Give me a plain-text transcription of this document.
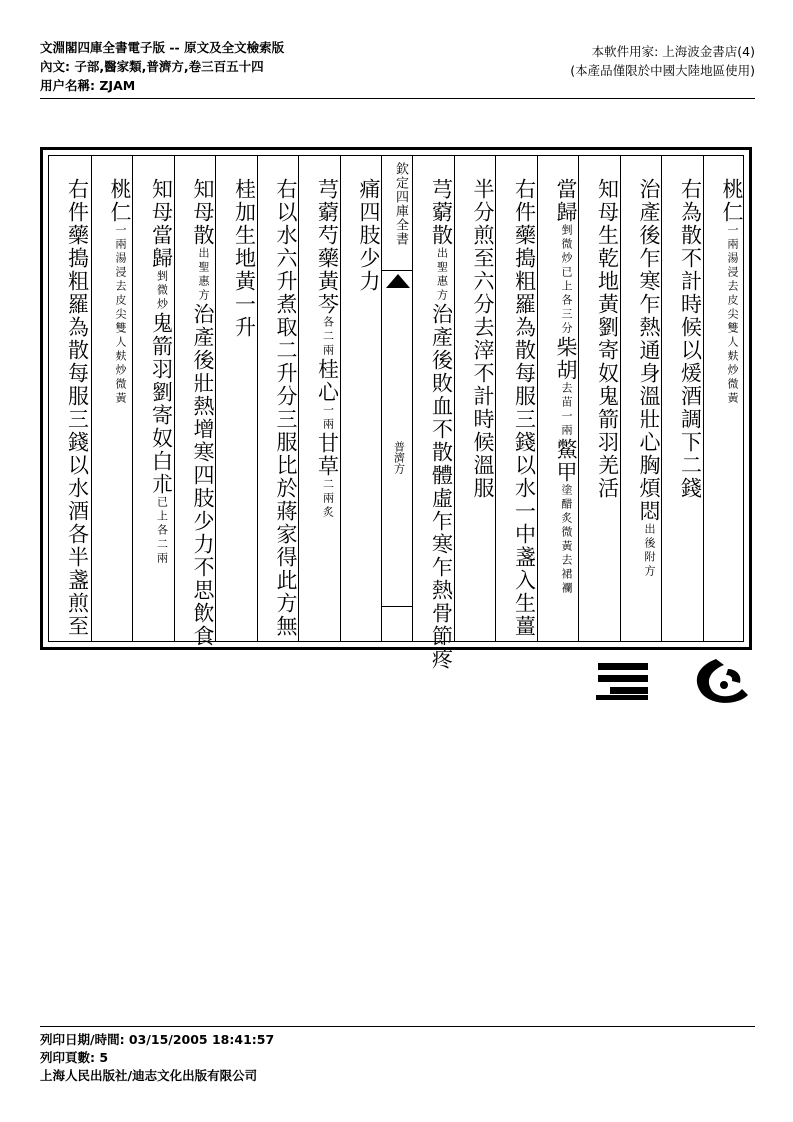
文淵閣四庫全書電子版 -- 原文及全文檢索版
內文: 子部,醫家類,普濟方,卷三百五十四
用户名稱: ZJAM
本軟件用家: 上海波金書店(4)
(本產品僅限於中國大陸地區使用)
右件藥搗粗羅為散每服三錢以水酒各半盞煎至 桃仁一兩湯浸去皮尖雙人麸炒微黃	知母當歸剉微炒鬼箭羽劉寄奴白朮已上各二兩
知母散出聖惠方治產後壯熱增寒四肢少力不思飲食
桂加生地黃一升 右以水六升煮取二升分三服比於蔣家得此方無 芎藭芍藥黃芩各二兩桂心一兩甘草二兩炙
痛四肢少力	芎藭散出聖惠方治產後敗血不散體虛乍寒乍熱骨節疼 半分煎至六分去滓不計時候溫服 右件藥搗粗羅為散每服三錢以水一中盞入生薑 當歸剉微炒已上各三分柴胡去苗一兩鱉甲塗醋炙微黃去裙襴
知母生乾地黃劉寄奴鬼箭羽羌活 治產後乍寒乍熱通身溫壯心胸煩悶出後附方
右為散不計時候以煖酒調下二錢 桃仁一兩湯浸去皮尖雙人麸炒微黃
欽定四庫全書
普濟方
列印日期/時間: 03/15/2005 18:41:57
列印頁數: 5
上海人民出版社/迪志文化出版有限公司
